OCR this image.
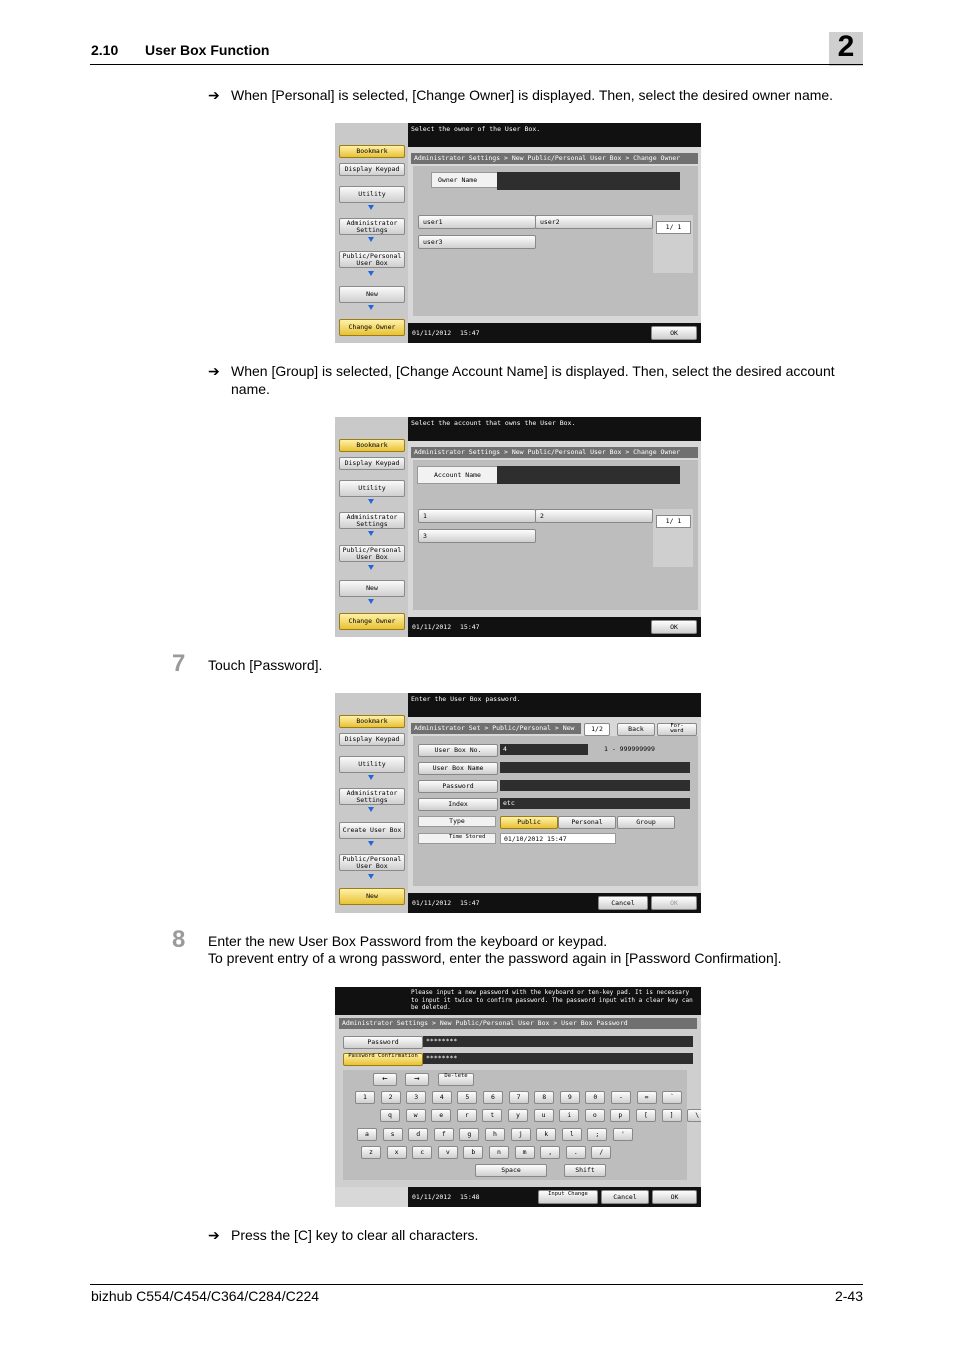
2.10 User Box Function	2
➔ When [Personal] is selected, [Change Owner] is displayed. Then, select the desired owner name.
Bookmark
Display Keypad
Utility
Administrator Settings
Public/Personal User Box
New
Change Owner
Select the owner of the User Box.
Administrator Settings > New Public/Personal User Box > Change Owner
Owner Name
user1	user2
user3
1/ 1
01/11/2012 15:47	OK
➔ When [Group] is selected, [Change Account Name] is displayed. Then, select the desired account
name.
Bookmark
Display Keypad
Utility
Administrator Settings
Public/Personal User Box
New
Change Owner
Select the account that owns the User Box.
Administrator Settings > New Public/Personal User Box > Change Owner
Account Name
1	2
3
1/ 1
01/11/2012 15:47	OK
7 Touch [Password].
Bookmark
Display Keypad
Utility
Administrator Settings
Create User Box
Public/Personal User Box
New
Enter the User Box password.
Administrator Set > Public/Personal > New	1/2	Back	For-
ward
User Box No.	4	1 - 999999999
User Box Name
Password
Index	etc
Type	Public	Personal	Group
Time Stored	01/10/2012 15:47
01/11/2012 15:47	Cancel	OK
8 Enter the new User Box Password from the keyboard or keypad.
To prevent entry of a wrong password, enter the password again in [Password Confirmation].
Please input a new password with the keyboard or ten-key pad. It is necessary to input it twice to confirm password. The password input with a clear key can be deleted.
Administrator Settings > New Public/Personal User Box > User Box Password
Password	********
Password Confirmation	********
←	→	De-lete
Space	Shift
01/11/2012 15:48	Input Change	Cancel	OK
1	2	3	4	5	6	7	8	9	0	-	=	`
q	w	e	r	t	y	u	i	o	p	[	]	\
a	s	d	f	g	h	j	k	l	;	'
z	x	c	v	b	n	m	,	.	/
➔ Press the [C] key to clear all characters.
bizhub C554/C454/C364/C284/C224	2-43
